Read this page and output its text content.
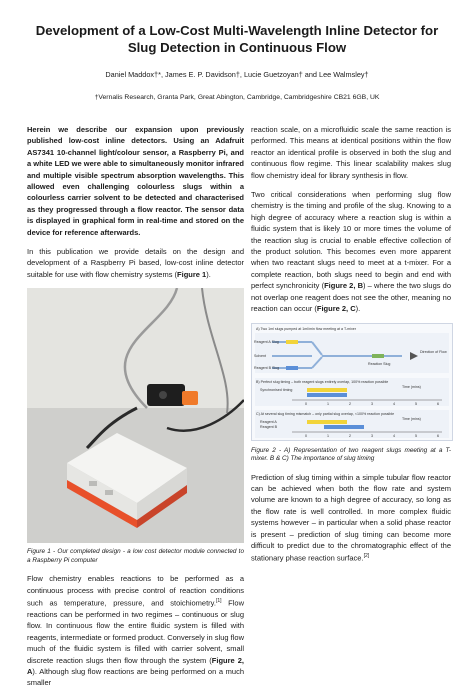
Development of a Low-Cost Multi-Wavelength Inline Detector for Slug Detection in Continuous Flow
Daniel Maddox†*, James E. P. Davidson†, Lucie Guetzoyan† and Lee Walmsley†
†Vernalis Research, Granta Park, Great Abington, Cambridge, Cambridgeshire CB21 6GB, UK

Herein we describe our expansion upon previously published low-cost inline detectors. Using an Adafruit AS7341 10-channel light/colour sensor, a Raspberry Pi, and a white LED we were able to simultaneously monitor infrared and multiple visible spectrum absorption wavelengths. This allowed even challenging colourless slugs within a colourless carrier solvent to be detected and characterised as they progressed through a flow reactor. The sensor data is displayed in graphical form in real-time and stored on the device for reference afterwards.

In this publication we provide details on the design and development of a Raspberry Pi based, low-cost inline detector suitable for use with flow chemistry systems (Figure 1).

Figure 1 - Our completed design - a low cost detector module connected to a Raspberry Pi computer

Flow chemistry enables reactions to be performed as a continuous process with precise control of reaction conditions such as temperature, pressure, and stoichiometry.[1] Flow reactions can be performed in two regimes – continuous or slug flow. In continuous flow the entire fluidic system is filled with reagents, intermediate or formed product. Conversely in slug flow much of the fluidic system is filled with carrier solvent, small discrete reaction slugs then flow through the system (Figure 2, A). Although slug flow reactions are being performed on a much smaller

reaction scale, on a microfluidic scale the same reaction is performed. This means at identical positions within the flow reactor an identical profile is observed in both the slug and continuous flow regime. This linear scalability makes slug flow chemistry ideal for library synthesis in flow.

Two critical considerations when performing slug flow chemistry is the timing and profile of the slug. Knowing to a high degree of accuracy where a reaction slug is within a fluidic system that is likely 10 or more times the volume of the reaction slug is crucial to enable effective collection of the product solution. This becomes even more apparent when two reactant slugs need to meet at a t-mixer. For a complete reaction, both slugs need to begin and end with perfect synchronicity (Figure 2, B) – where the two slugs do not overlap one reagent does not see the other, meaning no reaction can occur (Figure 2, C).

A) Two 1ml slugs pumped at 1ml/min flow meeting at a T-mixer
Reagent A Slug
Solvent
Reagent B Slug
Direction of Flow
Reaction Slug
B) Perfect slug timing – both reagent slugs entirely overlap, 100% reaction possible
Synchronised timing
Time (mins)
C) At several slug timing mismatch – only partial slug overlap, <100% reaction possible
Reagent A
Reagent B
Time (mins)
0	1	2	3	4	5	6
0	1	2	3	4	5	6

Figure 2 - A) Representation of two reagent slugs meeting at a T-mixer. B & C) The importance of slug timing

Prediction of slug timing within a simple tubular flow reactor can be achieved when both the flow rate and system volume are known to a high degree of accuracy, so long as the flow rate is well controlled. In more complex fluidic systems however – in particular when a solid phase reactor is present – prediction of slug timing can become more difficult to predict due to the chromatographic effect of the stationary phase reaction surface.[2]
